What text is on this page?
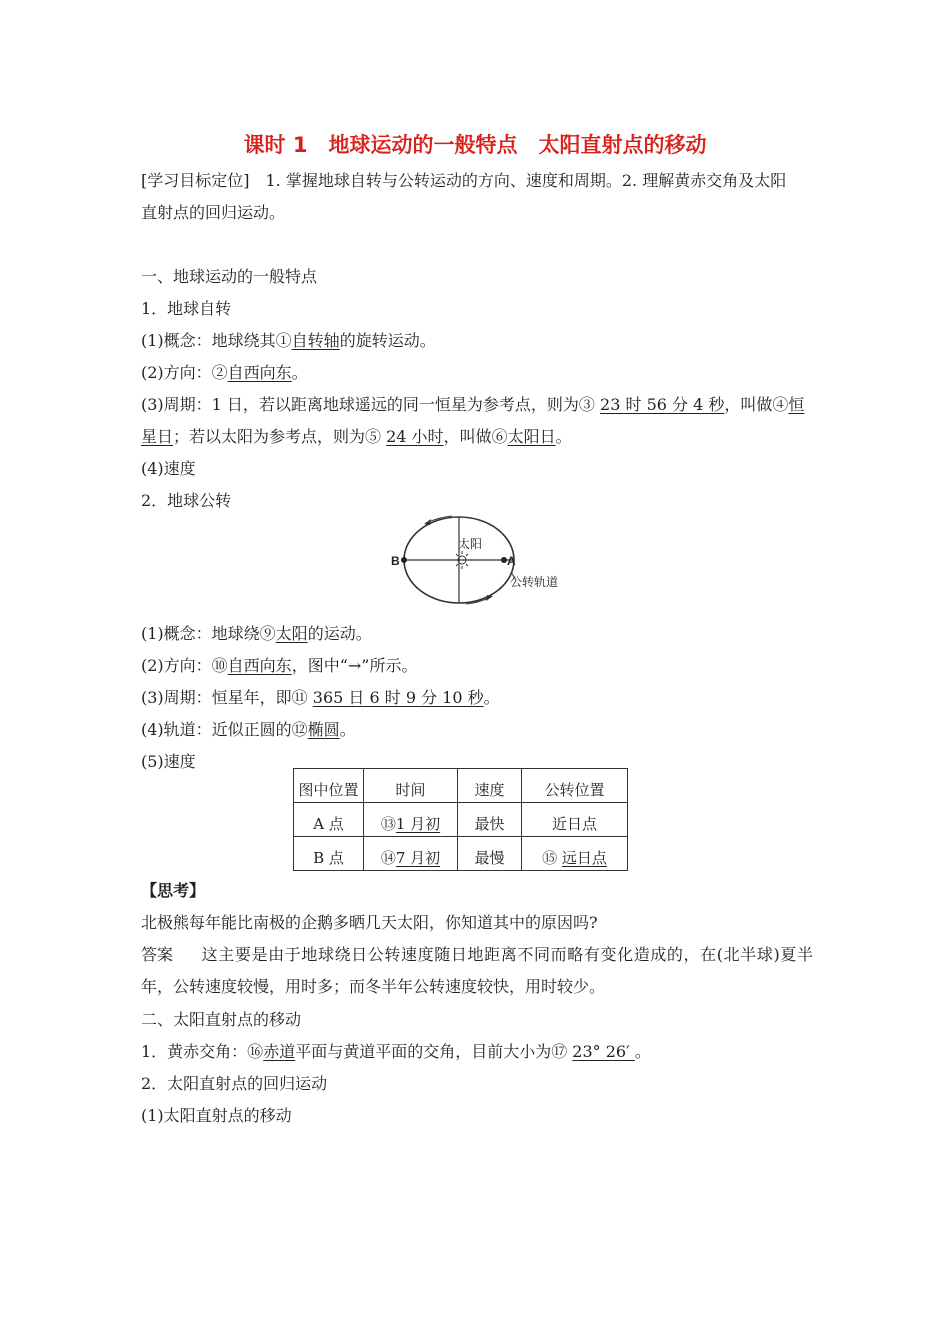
课时 1　地球运动的一般特点　太阳直射点的移动
[学习目标定位]　1. 掌握地球自转与公转运动的方向、速度和周期。2. 理解黄赤交角及太阳
直射点的回归运动。
一、地球运动的一般特点
1．地球自转
(1)概念：地球绕其①自转轴的旋转运动。
(2)方向：②自西向东。
(3)周期：1 日，若以距离地球遥远的同一恒星为参考点，则为③ 23 时 56 分 4 秒，叫做④恒
星日；若以太阳为参考点，则为⑤ 24 小时，叫做⑥太阳日。
(4)速度
2．地球公转
太阳
B	A
公转轨道
(1)概念：地球绕⑨太阳的运动。
(2)方向：⑩自西向东，图中“→”所示。
(3)周期：恒星年，即⑪ 365 日 6 时 9 分 10 秒。
(4)轨道：近似正圆的⑫椭圆。
(5)速度
图中位置	时间	速度	公转位置
A 点	⑬1 月初	最快	近日点
B 点	⑭7 月初	最慢	⑮ 远日点
【思考】
北极熊每年能比南极的企鹅多晒几天太阳，你知道其中的原因吗?
答案 这主要是由于地球绕日公转速度随日地距离不同而略有变化造成的，在(北半球)夏半年，公转速度较慢，用时多；而冬半年公转速度较快，用时较少。
二、太阳直射点的移动
1．黄赤交角：⑯赤道平面与黄道平面的交角，目前大小为⑰ 23° 26′ 。
2．太阳直射点的回归运动
(1)太阳直射点的移动
